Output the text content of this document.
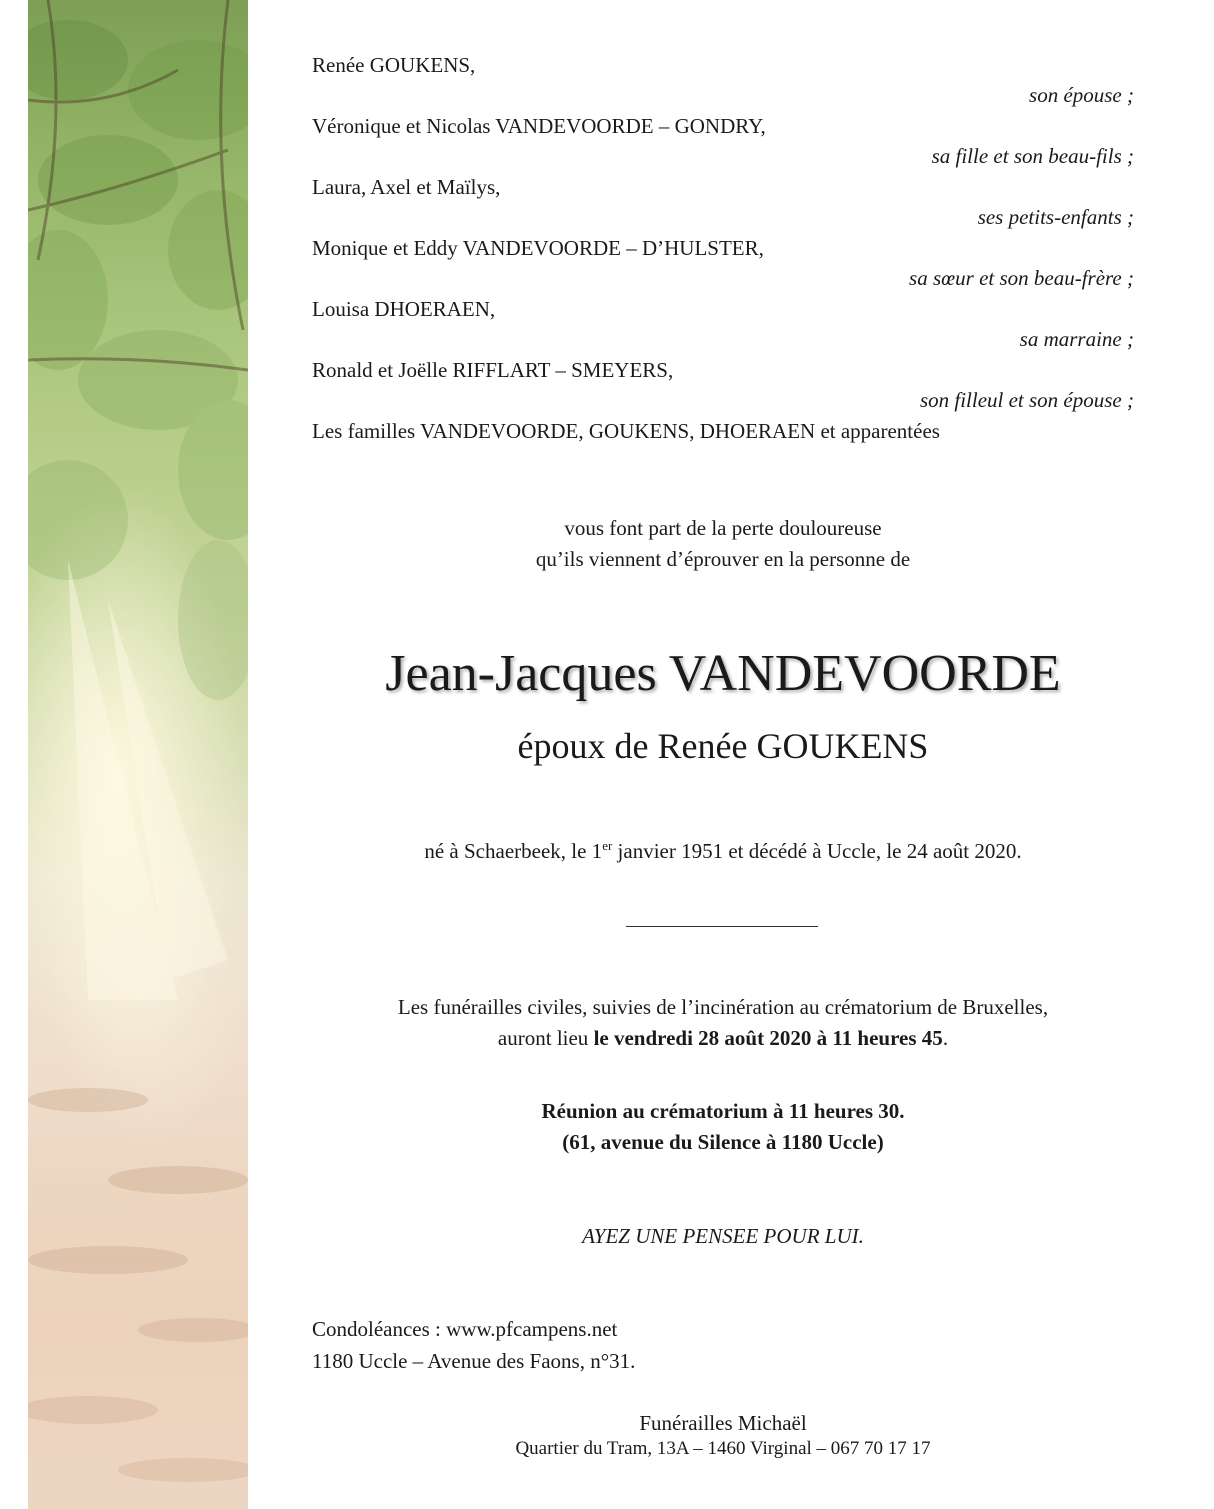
Renée GOUKENS,
son épouse ;
Véronique et Nicolas VANDEVOORDE – GONDRY,
sa fille et son beau-fils ;
Laura, Axel et Maïlys,
ses petits-enfants ;
Monique et Eddy VANDEVOORDE – D’HULSTER,
sa sœur et son beau-frère ;
Louisa DHOERAEN,
sa marraine ;
Ronald et Joëlle RIFFLART – SMEYERS,
son filleul et son épouse ;
Les familles VANDEVOORDE, GOUKENS, DHOERAEN et apparentées
vous font part de la perte douloureuse
qu’ils viennent d’éprouver en la personne de
Jean-Jacques VANDEVOORDE
époux de Renée GOUKENS
né à Schaerbeek, le 1er janvier 1951 et décédé à Uccle, le 24 août 2020.
Les funérailles civiles, suivies de l’incinération au crématorium de Bruxelles,
auront lieu le vendredi 28 août 2020 à 11 heures 45.
Réunion au crématorium à 11 heures 30.
(61, avenue du Silence à 1180 Uccle)
AYEZ UNE PENSEE POUR LUI.
Condoléances : www.pfcampens.net
1180 Uccle – Avenue des Faons, n°31.
Funérailles Michaël
Quartier du Tram, 13A – 1460 Virginal – 067 70 17 17
